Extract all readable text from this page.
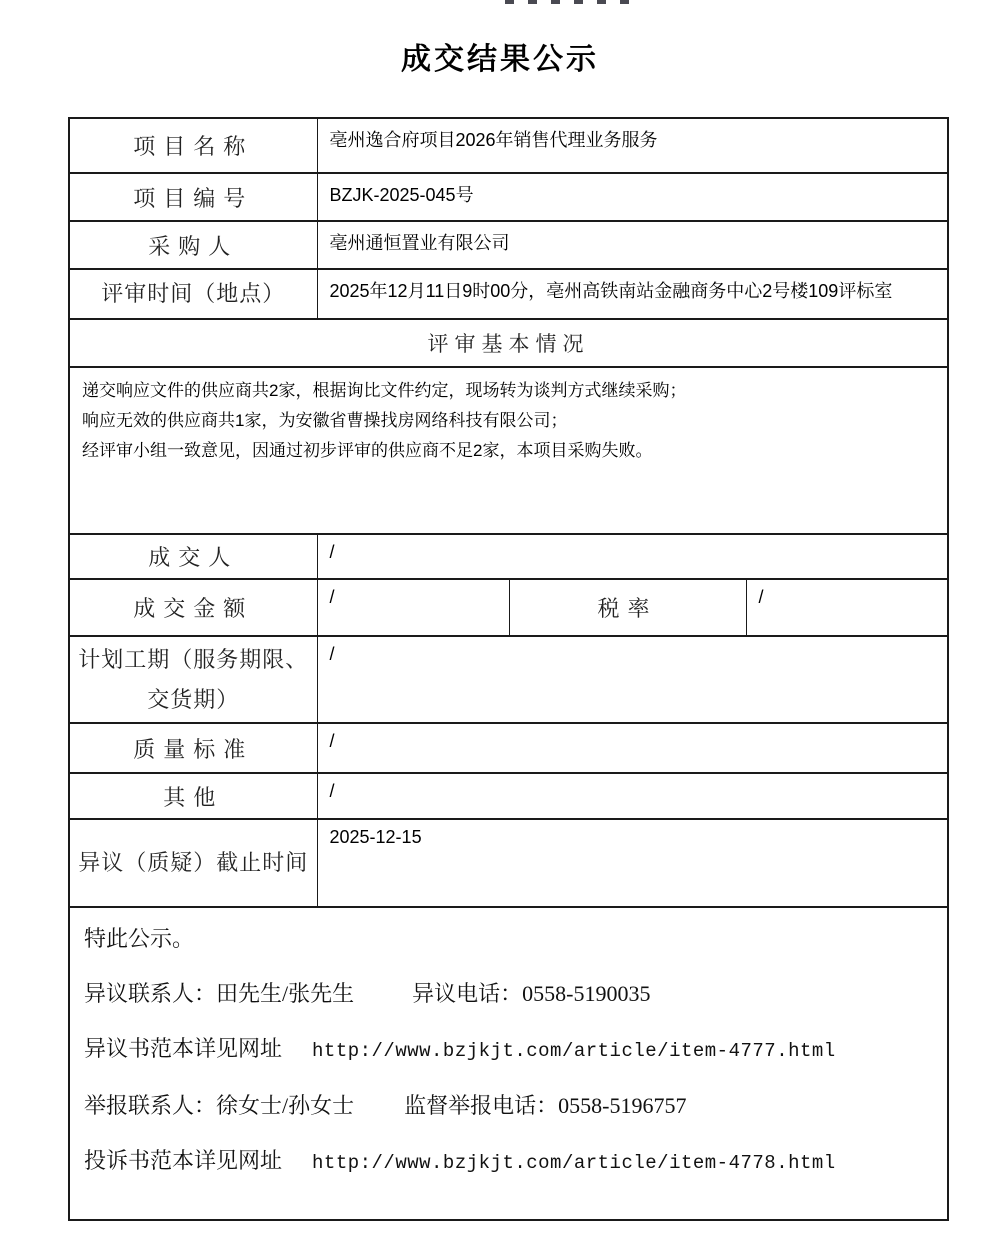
成交结果公示
项目名称	亳州逸合府项目2026年销售代理业务服务		
项目编号	BZJK-2025-045号		
采购人	亳州通恒置业有限公司		
评审时间（地点）	2025年12月11日9时00分，亳州高铁南站金融商务中心2号楼109评标室		
评审基本情况			

递交响应文件的供应商共2家，根据询比文件约定，现场转为谈判方式继续采购；
响应无效的供应商共1家，为安徽省曹操找房网络科技有限公司；
经评审小组一致意见，因通过初步评审的供应商不足2家，本项目采购失败。			

成交人	/		
成交金额	/	税率	/
计划工期（服务期限、交货期）	/		
质量标准	/		
其他	/		
异议（质疑）截止时间	2025-12-15		

特此公示。
异议联系人：田先生/张先生	异议电话：0558-5190035
异议书范本详见网址 http://www.bzjkjt.com/article/item-4777.html
举报联系人：徐女士/孙女士 监督举报电话：0558-5196757
投诉书范本详见网址 http://www.bzjkjt.com/article/item-4778.html
